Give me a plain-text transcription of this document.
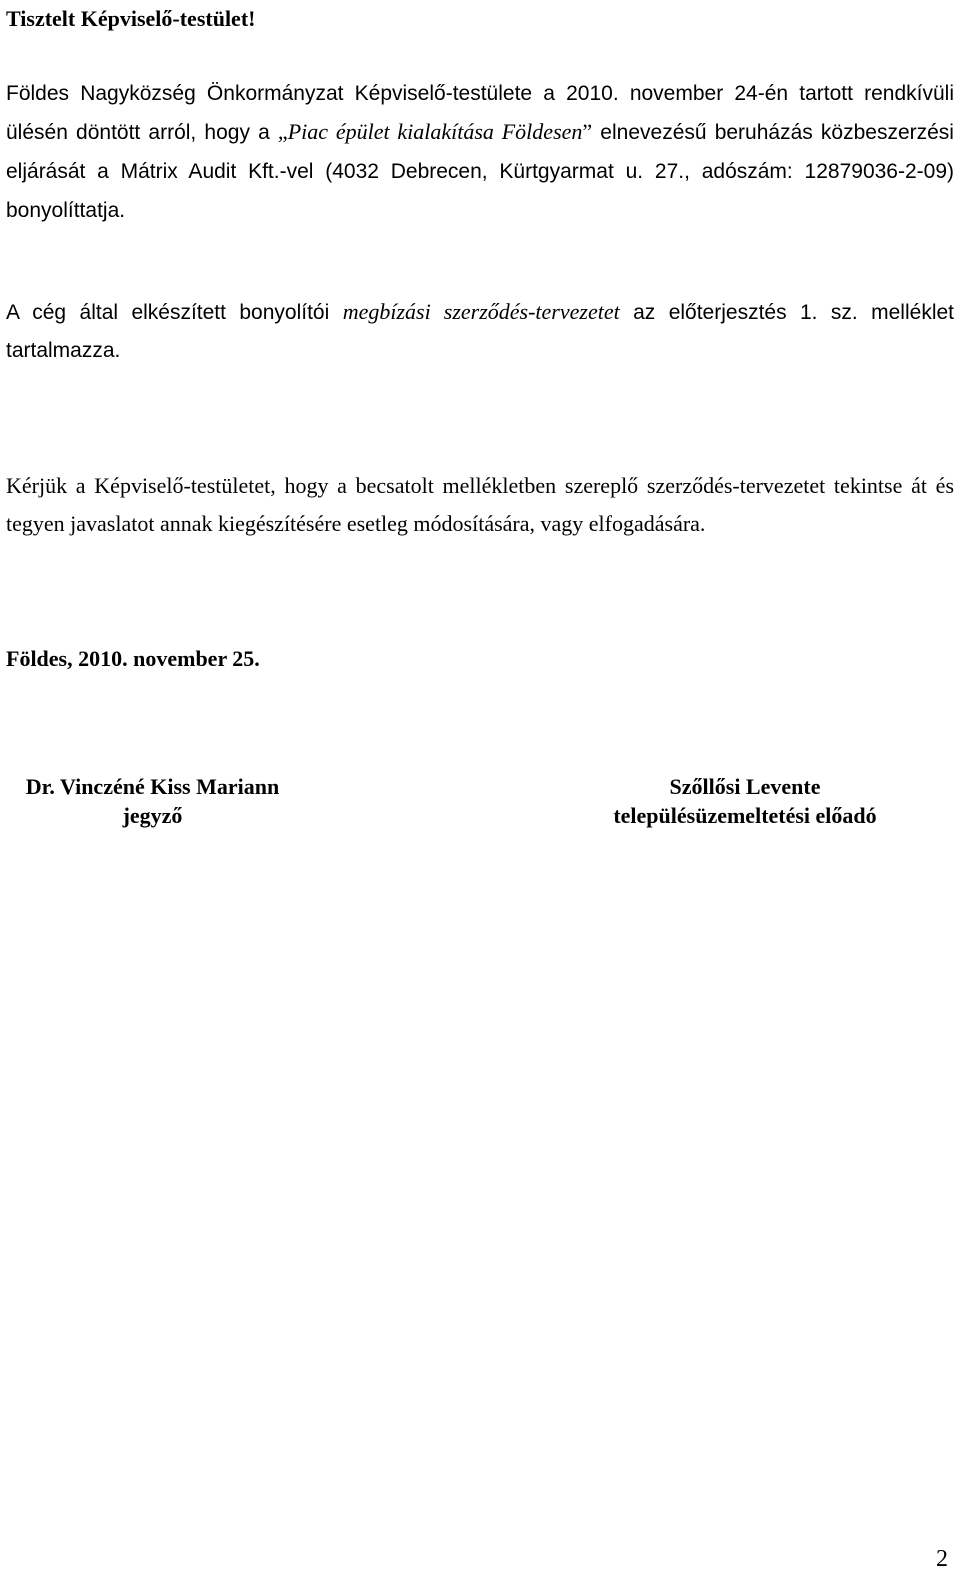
Tisztelt Képviselő-testület!
Földes Nagyközség Önkormányzat Képviselő-testülete a 2010. november 24-én tartott rendkívüli ülésén döntött arról, hogy a „Piac épület kialakítása Földesen” elnevezésű beruházás közbeszerzési eljárását a Mátrix Audit Kft.-vel (4032 Debrecen, Kürtgyarmat u. 27., adószám: 12879036-2-09) bonyolíttatja.
A cég által elkészített bonyolítói megbízási szerződés-tervezetet az előterjesztés 1. sz. melléklet tartalmazza.
Kérjük a Képviselő-testületet, hogy a becsatolt mellékletben szereplő szerződés-tervezetet tekintse át és tegyen javaslatot annak kiegészítésére esetleg módosítására, vagy elfogadására.
Földes, 2010. november 25.
Dr. Vinczéné Kiss Mariann
jegyző
Szőllősi Levente
településüzemeltetési előadó
2
